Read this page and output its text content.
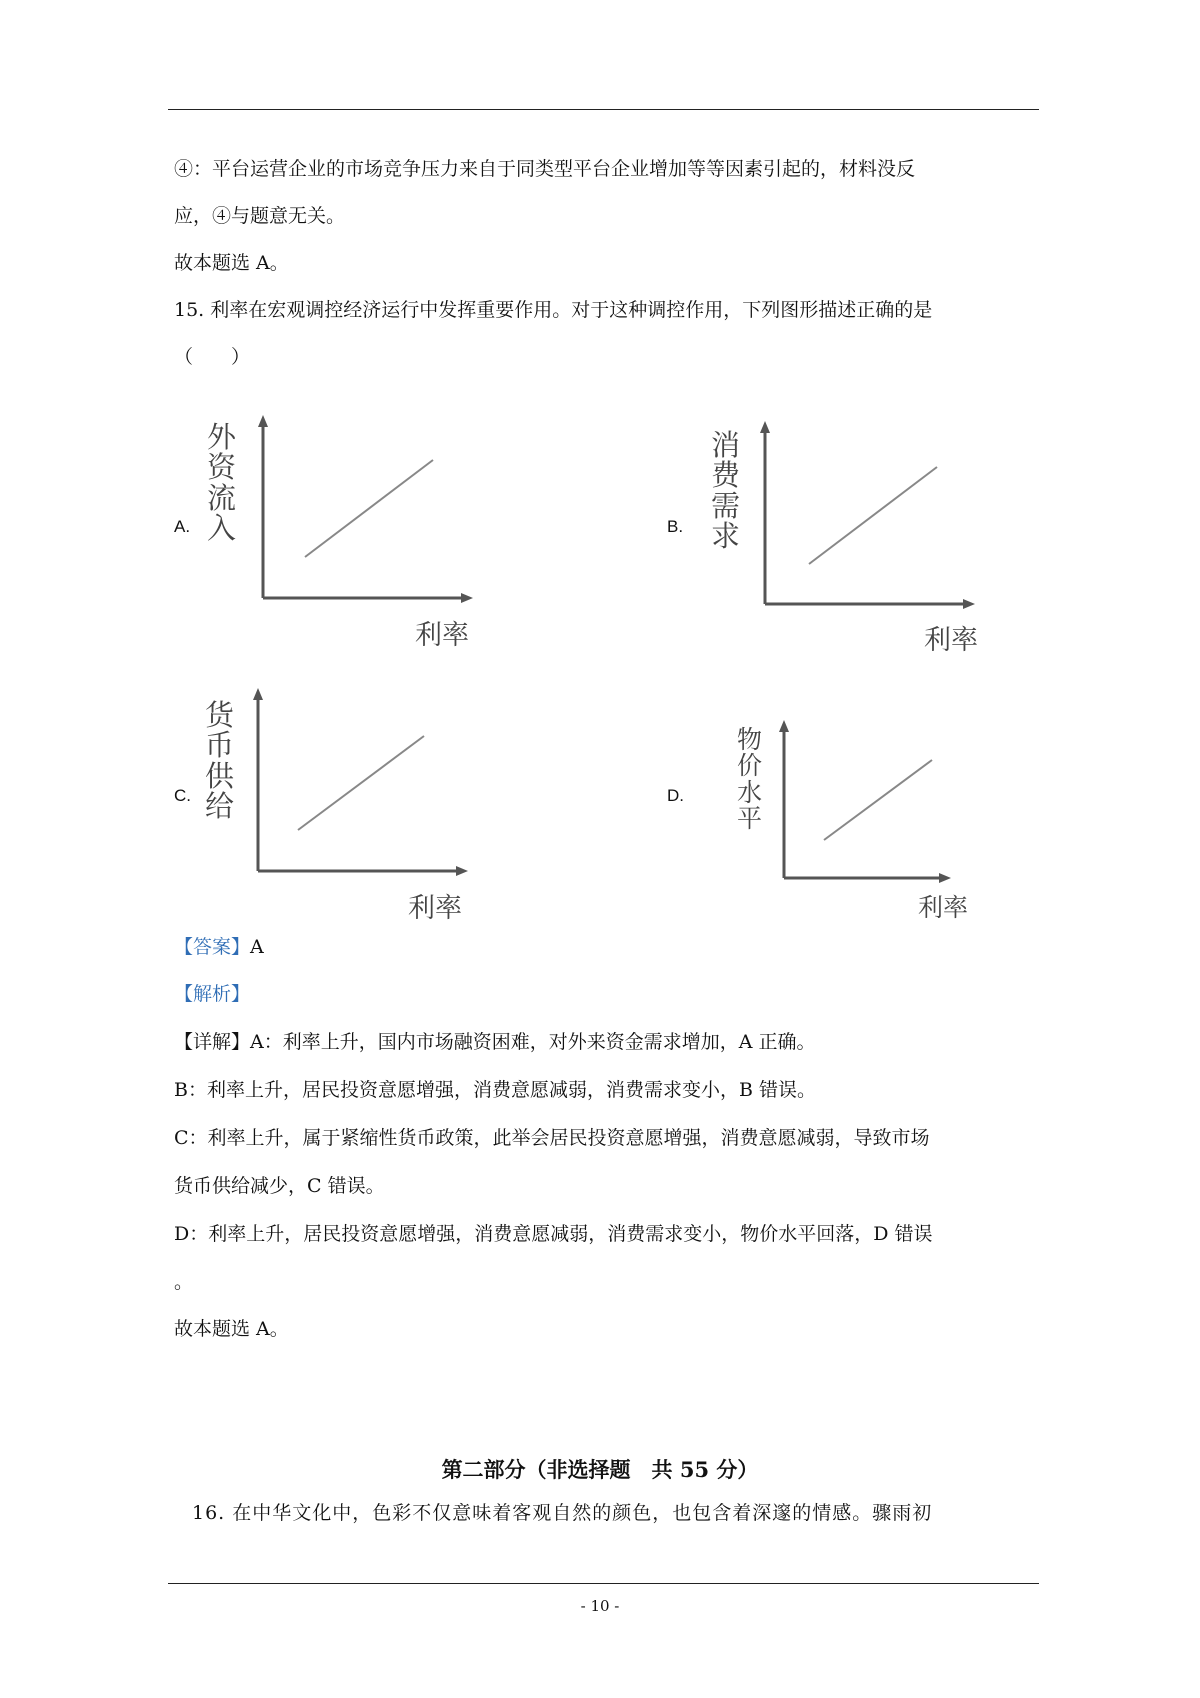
④：平台运营企业的市场竞争压力来自于同类型平台企业增加等等因素引起的，材料没反
应，④与题意无关。
故本题选 A。
15. 利率在宏观调控经济运行中发挥重要作用。对于这种调控作用，下列图形描述正确的是
（　　）
A.
外
资
流
入
利率
B.
消
费
需
求
利率
C.
货
币
供
给
利率
D.
物
价
水
平
利率
【答案】A
【解析】
【详解】A：利率上升，国内市场融资困难，对外来资金需求增加，A 正确。
B：利率上升，居民投资意愿增强，消费意愿减弱，消费需求变小，B 错误。
C：利率上升，属于紧缩性货币政策，此举会居民投资意愿增强，消费意愿减弱，导致市场
货币供给减少，C 错误。
D：利率上升，居民投资意愿增强，消费意愿减弱，消费需求变小，物价水平回落，D 错误
。
故本题选 A。
第二部分（非选择题　共 55 分）
16. 在中华文化中，色彩不仅意味着客观自然的颜色，也包含着深邃的情感。骤雨初
- 10 -
